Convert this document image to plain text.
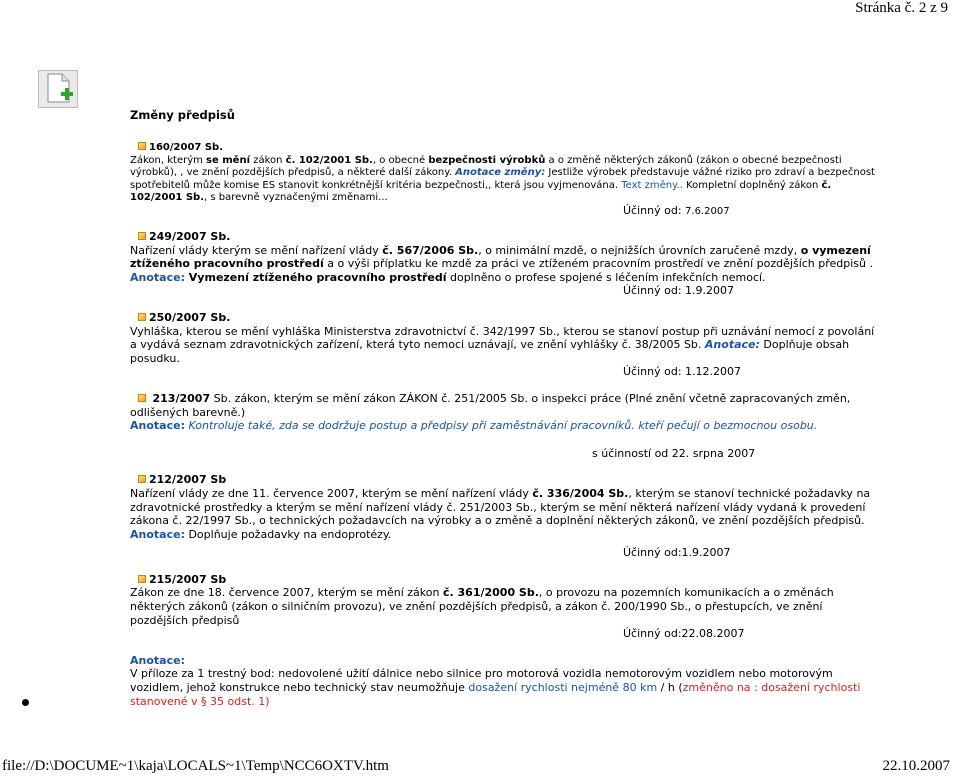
Stránka č. 2 z 9
Změny předpisů
160/2007 Sb.
Zákon, kterým se mění zákon č. 102/2001 Sb., o obecné bezpečnosti výrobků a o změně některých zákonů (zákon o obecné bezpečnosti výrobků), , ve znění pozdějších předpisů, a některé další zákony. Anotace změny: Jestliže výrobek představuje vážné riziko pro zdraví a bezpečnost spotřebitelů může komise ES stanovit konkrétnější kritéria bezpečnosti,, která jsou vyjmenována. Text změny.. Kompletní doplněný zákon č. 102/2001 Sb., s barevně vyznačenými změnami...
Účinný od: 7.6.2007
249/2007 Sb.
Nařízení vlády kterým se mění nařízení vlády č. 567/2006 Sb., o minimální mzdě, o nejnižších úrovních zaručené mzdy, o vymezení ztíženého pracovního prostředí a o výši příplatku ke mzdě za práci ve ztíženém pracovním prostředí ve znění pozdějších předpisů . Anotace: Vymezení ztíženého pracovního prostředí doplněno o profese spojené s léčením infekčních nemocí.
Účinný od: 1.9.2007
250/2007 Sb.
Vyhláška, kterou se mění vyhláška Ministerstva zdravotnictví č. 342/1997 Sb., kterou se stanoví postup při uznávání nemocí z povolání a vydává seznam zdravotnických zařízení, která tyto nemoci uznávají, ve znění vyhlášky č. 38/2005 Sb. Anotace: Doplňuje obsah posudku.
Účinný od: 1.12.2007
213/2007 Sb. zákon, kterým se mění zákon ZÁKON č. 251/2005 Sb. o inspekci práce (Plné znění včetně zapracovaných změn, odlišených barevně.)
Anotace: Kontroluje také, zda se dodržuje postup a předpisy při zaměstnávání pracovníků. kteří pečují o bezmocnou osobu.
s účinností od 22. srpna 2007
212/2007 Sb
Nařízení vlády ze dne 11. července 2007, kterým se mění nařízení vlády č. 336/2004 Sb., kterým se stanoví technické požadavky na zdravotnické prostředky a kterým se mění nařízení vlády č. 251/2003 Sb., kterým se mění některá nařízení vlády vydaná k provedení zákona č. 22/1997 Sb., o technických požadavcích na výrobky a o změně a doplnění některých zákonů, ve znění pozdějších předpisů.
Anotace: Doplňuje požadavky na endoprotézy.
Účinný od:1.9.2007
215/2007 Sb
Zákon ze dne 18. července 2007, kterým se mění zákon č. 361/2000 Sb., o provozu na pozemních komunikacích a o změnách některých zákonů (zákon o silničním provozu), ve znění pozdějších předpisů, a zákon č. 200/1990 Sb., o přestupcích, ve znění pozdějších předpisů
Účinný od:22.08.2007
Anotace:
V příloze za 1 trestný bod: nedovolené užití dálnice nebo silnice pro motorová vozidla nemotorovým vozidlem nebo motorovým vozidlem, jehož konstrukce nebo technický stav neumožňuje dosažení rychlosti nejméně 80 km / h (změněno na : dosažení rychlosti stanovené v § 35 odst. 1)
file://D:\DOCUME~1\kaja\LOCALS~1\Temp\NCC6OXTV.htm	22.10.2007
